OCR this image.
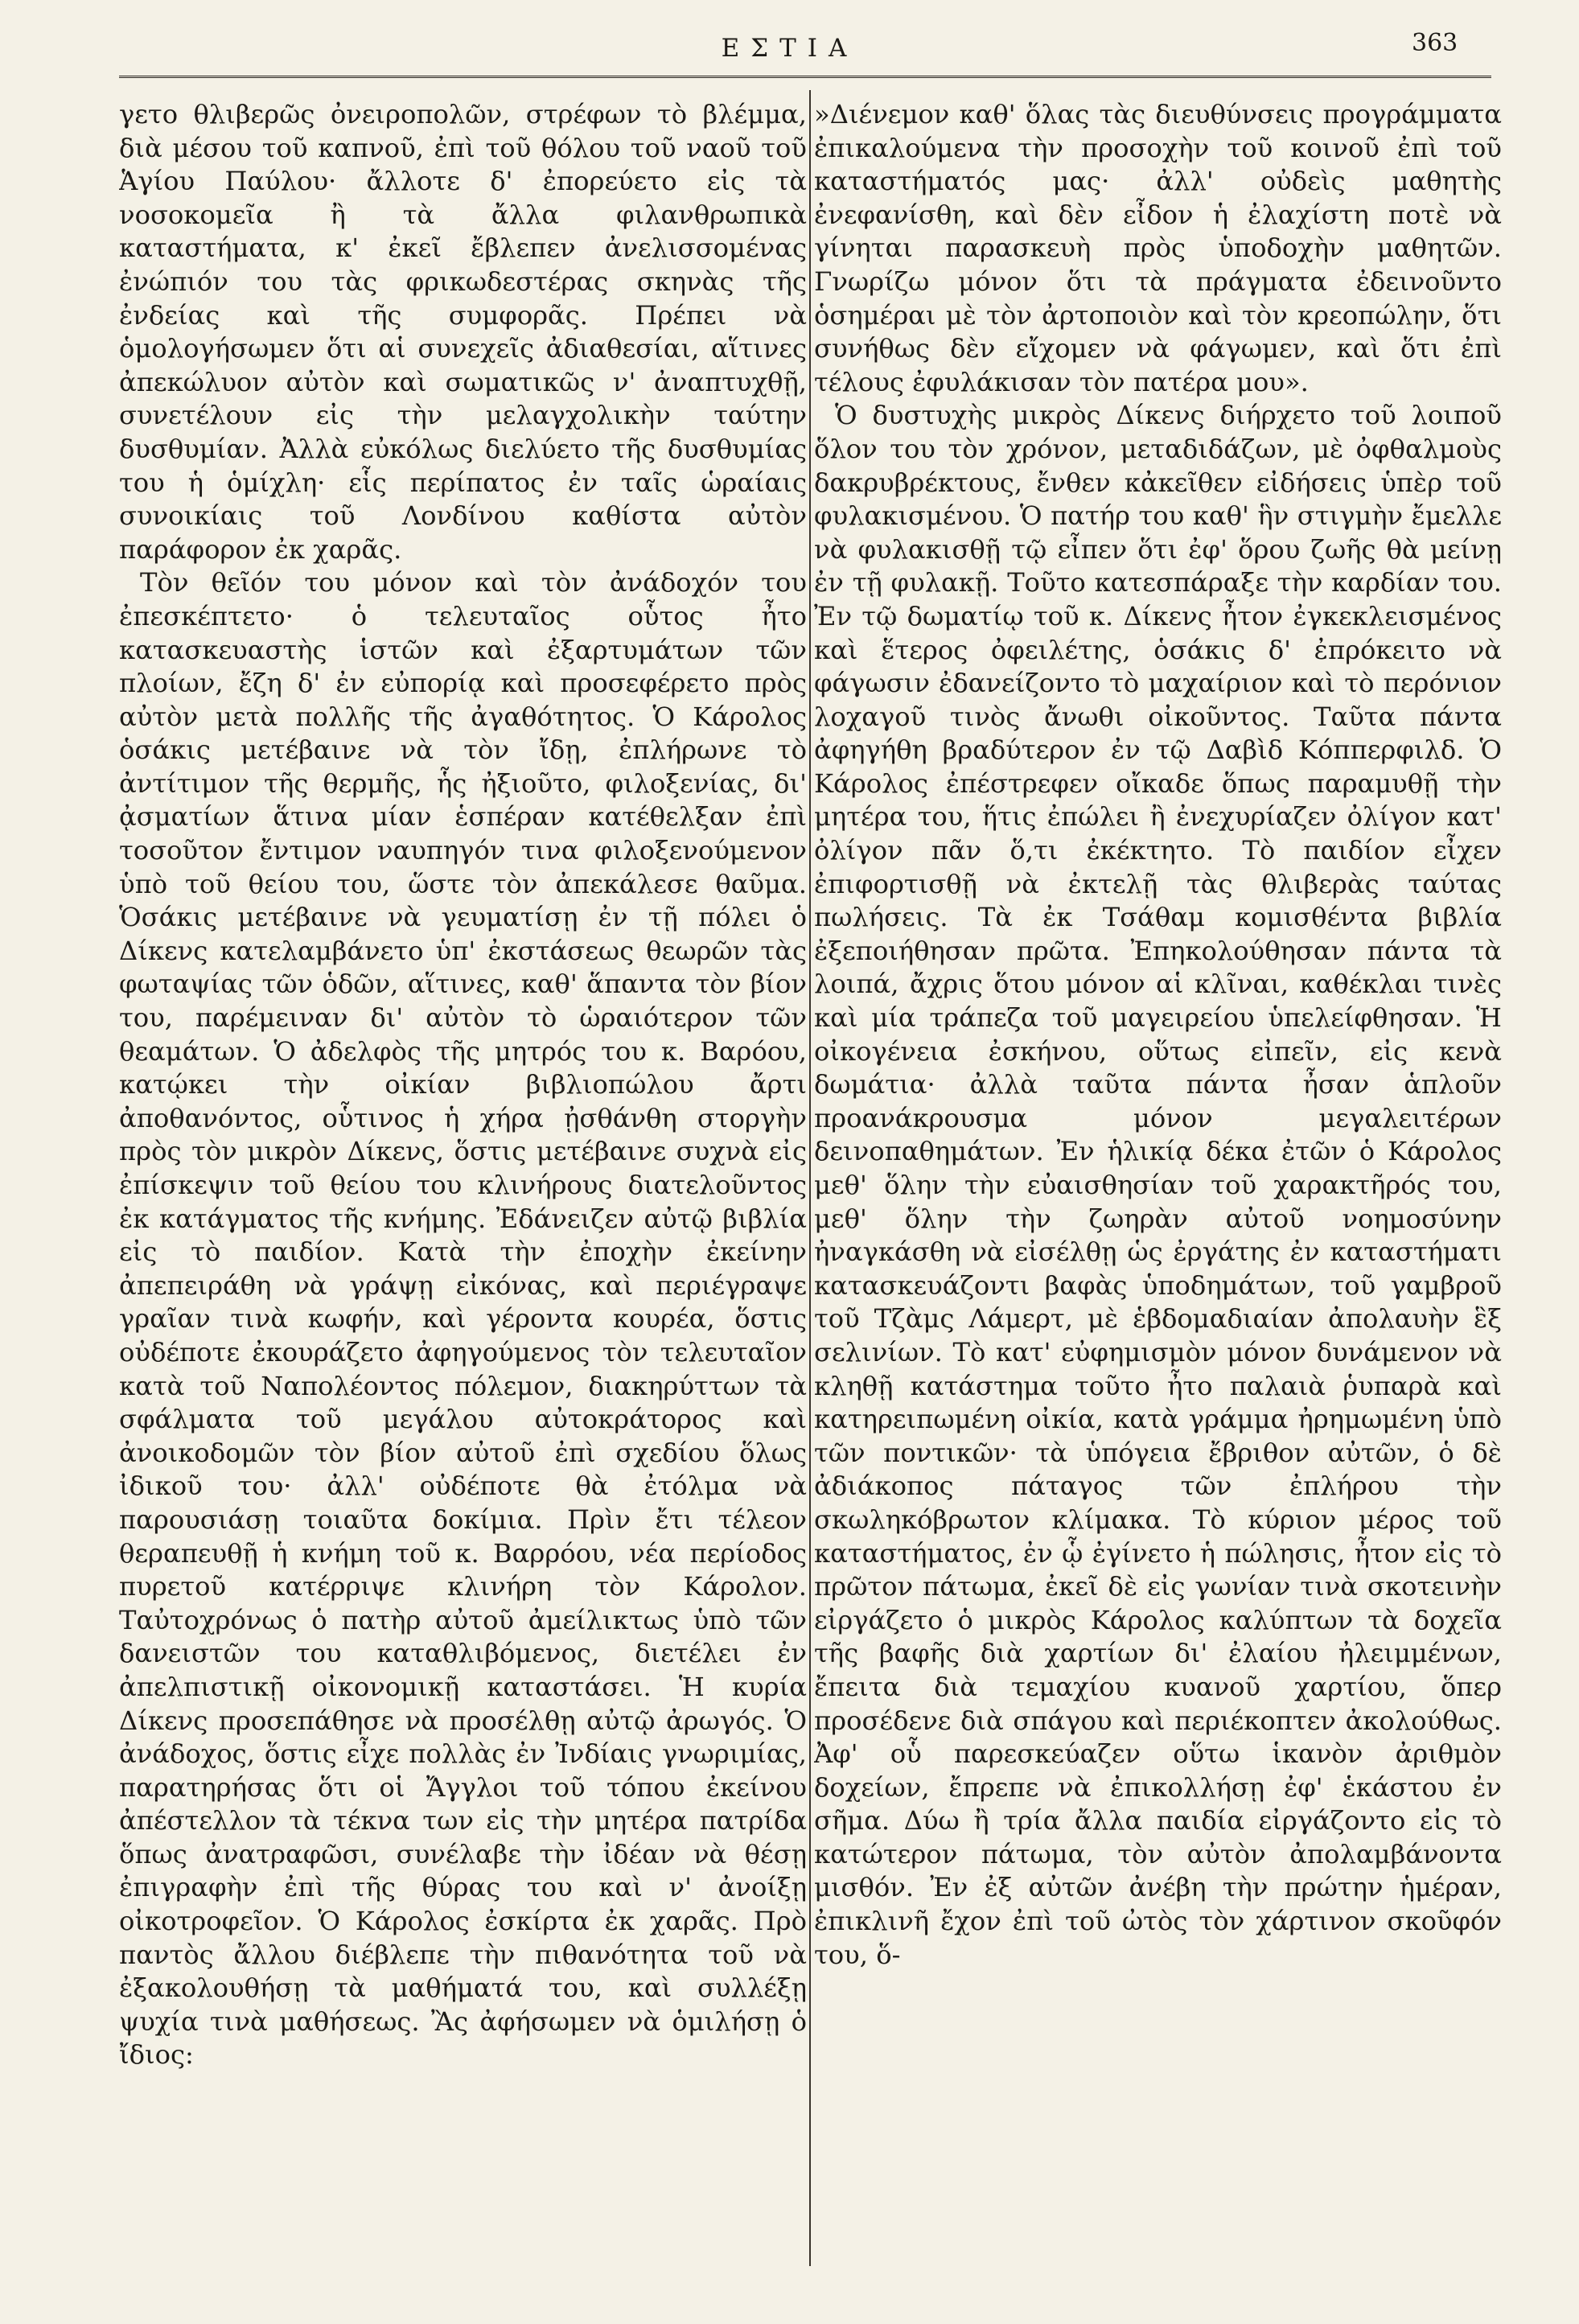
ΕΣΤΙΑ	363

γετο θλιβερῶς ὀνειροπολῶν, στρέφων τὸ βλέμμα, διὰ μέσου τοῦ καπνοῦ, ἐπὶ τοῦ θόλου τοῦ ναοῦ τοῦ Ἁγίου Παύλου· ἄλλοτε δ' ἐπορεύετο εἰς τὰ νοσοκομεῖα ἢ τὰ ἄλλα φιλανθρωπικὰ καταστήματα, κ' ἐκεῖ ἔβλεπεν ἀνελισσομένας ἐνώπιόν του τὰς φρικωδεστέρας σκηνὰς τῆς ἐνδείας καὶ τῆς συμφορᾶς. Πρέπει νὰ ὁμολογήσωμεν ὅτι αἱ συνεχεῖς ἀδιαθεσίαι, αἵτινες ἀπεκώλυον αὐτὸν καὶ σωματικῶς ν' ἀναπτυχθῇ, συνετέλουν εἰς τὴν μελαγχολικὴν ταύτην δυσθυμίαν. Ἀλλὰ εὐκόλως διελύετο τῆς δυσθυμίας του ἡ ὁμίχλη· εἷς περίπατος ἐν ταῖς ὡραίαις συνοικίαις τοῦ Λονδίνου καθίστα αὐτὸν παράφορον ἐκ χαρᾶς.

Τὸν θεῖόν του μόνον καὶ τὸν ἀνάδοχόν του ἐπεσκέπτετο· ὁ τελευταῖος οὗτος ἦτο κατασκευαστὴς ἱστῶν καὶ ἐξαρτυμάτων τῶν πλοίων, ἔζη δ' ἐν εὐπορίᾳ καὶ προσεφέρετο πρὸς αὐτὸν μετὰ πολλῆς τῆς ἀγαθότητος. Ὁ Κάρολος ὁσάκις μετέβαινε νὰ τὸν ἴδῃ, ἐπλήρωνε τὸ ἀντίτιμον τῆς θερμῆς, ἧς ἠξιοῦτο, φιλοξενίας, δι' ᾀσματίων ἅτινα μίαν ἑσπέραν κατέθελξαν ἐπὶ τοσοῦτον ἔντιμον ναυπηγόν τινα φιλοξενούμενον ὑπὸ τοῦ θείου του, ὥστε τὸν ἀπεκάλεσε θαῦμα. Ὁσάκις μετέβαινε νὰ γευματίσῃ ἐν τῇ πόλει ὁ Δίκενς κατελαμβάνετο ὑπ' ἐκστάσεως θεωρῶν τὰς φωταψίας τῶν ὁδῶν, αἵτινες, καθ' ἅπαντα τὸν βίον του, παρέμειναν δι' αὐτὸν τὸ ὡραιότερον τῶν θεαμάτων. Ὁ ἀδελφὸς τῆς μητρός του κ. Βαρόου, κατῴκει τὴν οἰκίαν βιβλιοπώλου ἄρτι ἀποθανόντος, οὗτινος ἡ χήρα ᾐσθάνθη στοργὴν πρὸς τὸν μικρὸν Δίκενς, ὅστις μετέβαινε συχνὰ εἰς ἐπίσκεψιν τοῦ θείου του κλινήρους διατελοῦντος ἐκ κατάγματος τῆς κνήμης. Ἐδάνειζεν αὐτῷ βιβλία εἰς τὸ παιδίον. Κατὰ τὴν ἐποχὴν ἐκείνην ἀπεπειράθη νὰ γράψῃ εἰκόνας, καὶ περιέγραψε γραῖαν τινὰ κωφήν, καὶ γέροντα κουρέα, ὅστις οὐδέποτε ἐκουράζετο ἀφηγούμενος τὸν τελευταῖον κατὰ τοῦ Ναπολέοντος πόλεμον, διακηρύττων τὰ σφάλματα τοῦ μεγάλου αὐτοκράτορος καὶ ἀνοικοδομῶν τὸν βίον αὐτοῦ ἐπὶ σχεδίου ὅλως ἰδικοῦ του· ἀλλ' οὐδέποτε θὰ ἐτόλμα νὰ παρουσιάσῃ τοιαῦτα δοκίμια. Πρὶν ἔτι τέλεον θεραπευθῇ ἡ κνήμη τοῦ κ. Βαρρόου, νέα περίοδος πυρετοῦ κατέρριψε κλινήρη τὸν Κάρολον. Ταὐτοχρόνως ὁ πατὴρ αὐτοῦ ἀμείλικτως ὑπὸ τῶν δανειστῶν του καταθλιβόμενος, διετέλει ἐν ἀπελπιστικῇ οἰκονομικῇ καταστάσει. Ἡ κυρία Δίκενς προσεπάθησε νὰ προσέλθῃ αὐτῷ ἀρωγός. Ὁ ἀνάδοχος, ὅστις εἶχε πολλὰς ἐν Ἰνδίαις γνωριμίας, παρατηρήσας ὅτι οἱ Ἄγγλοι τοῦ τόπου ἐκείνου ἀπέστελλον τὰ τέκνα των εἰς τὴν μητέρα πατρίδα ὅπως ἀνατραφῶσι, συνέλαβε τὴν ἰδέαν νὰ θέσῃ ἐπιγραφὴν ἐπὶ τῆς θύρας του καὶ ν' ἀνοίξῃ οἰκοτροφεῖον. Ὁ Κάρολος ἐσκίρτα ἐκ χαρᾶς. Πρὸ παντὸς ἄλλου διέβλεπε τὴν πιθανότητα τοῦ νὰ ἐξακολουθήσῃ τὰ μαθήματά του, καὶ συλλέξῃ ψυχία τινὰ μαθήσεως. Ἂς ἀφήσωμεν νὰ ὁμιλήσῃ ὁ ἴδιος:

»Διένεμον καθ' ὅλας τὰς διευθύνσεις προγράμματα ἐπικαλούμενα τὴν προσοχὴν τοῦ κοινοῦ ἐπὶ τοῦ καταστήματός μας· ἀλλ' οὐδεὶς μαθητὴς ἐνεφανίσθη, καὶ δὲν εἶδον ἡ ἐλαχίστη ποτὲ νὰ γίνηται παρασκευὴ πρὸς ὑποδοχὴν μαθητῶν. Γνωρίζω μόνον ὅτι τὰ πράγματα ἐδεινοῦντο ὁσημέραι μὲ τὸν ἀρτοποιὸν καὶ τὸν κρεοπώλην, ὅτι συνήθως δὲν εἴχομεν νὰ φάγωμεν, καὶ ὅτι ἐπὶ τέλους ἐφυλάκισαν τὸν πατέρα μου».

Ὁ δυστυχὴς μικρὸς Δίκενς διήρχετο τοῦ λοιποῦ ὅλον του τὸν χρόνον, μεταδιδάζων, μὲ ὀφθαλμοὺς δακρυβρέκτους, ἔνθεν κἀκεῖθεν εἰδήσεις ὑπὲρ τοῦ φυλακισμένου. Ὁ πατήρ του καθ' ἣν στιγμὴν ἔμελλε νὰ φυλακισθῇ τῷ εἶπεν ὅτι ἐφ' ὅρου ζωῆς θὰ μείνῃ ἐν τῇ φυλακῇ. Τοῦτο κατεσπάραξε τὴν καρδίαν του. Ἐν τῷ δωματίῳ τοῦ κ. Δίκενς ἦτον ἐγκεκλεισμένος καὶ ἕτερος ὀφειλέτης, ὁσάκις δ' ἐπρόκειτο νὰ φάγωσιν ἐδανείζοντο τὸ μαχαίριον καὶ τὸ περόνιον λοχαγοῦ τινὸς ἄνωθι οἰκοῦντος. Ταῦτα πάντα ἀφηγήθη βραδύτερον ἐν τῷ Δαβὶδ Κόππερφιλδ. Ὁ Κάρολος ἐπέστρεφεν οἴκαδε ὅπως παραμυθῇ τὴν μητέρα του, ἥτις ἐπώλει ἢ ἐνεχυρίαζεν ὀλίγον κατ' ὀλίγον πᾶν ὅ,τι ἐκέκτητο. Τὸ παιδίον εἶχεν ἐπιφορτισθῇ νὰ ἐκτελῇ τὰς θλιβερὰς ταύτας πωλήσεις. Τὰ ἐκ Τσάθαμ κομισθέντα βιβλία ἐξεποιήθησαν πρῶτα. Ἐπηκολούθησαν πάντα τὰ λοιπά, ἄχρις ὅτου μόνον αἱ κλῖναι, καθέκλαι τινὲς καὶ μία τράπεζα τοῦ μαγειρείου ὑπελείφθησαν. Ἡ οἰκογένεια ἐσκήνου, οὕτως εἰπεῖν, εἰς κενὰ δωμάτια· ἀλλὰ ταῦτα πάντα ἦσαν ἁπλοῦν προανάκρουσμα μόνον μεγαλειτέρων δεινοπαθημάτων. Ἐν ἡλικίᾳ δέκα ἐτῶν ὁ Κάρολος μεθ' ὅλην τὴν εὐαισθησίαν τοῦ χαρακτῆρός του, μεθ' ὅλην τὴν ζωηρὰν αὐτοῦ νοημοσύνην ἠναγκάσθη νὰ εἰσέλθῃ ὡς ἐργάτης ἐν καταστήματι κατασκευάζοντι βαφὰς ὑποδημάτων, τοῦ γαμβροῦ τοῦ Τζὰμς Λάμερτ, μὲ ἑβδομαδιαίαν ἀπολαυὴν ἓξ σελινίων. Τὸ κατ' εὐφημισμὸν μόνον δυνάμενον νὰ κληθῇ κατάστημα τοῦτο ἦτο παλαιὰ ῥυπαρὰ καὶ κατηρειπωμένη οἰκία, κατὰ γράμμα ἠρημωμένη ὑπὸ τῶν ποντικῶν· τὰ ὑπόγεια ἔβριθον αὐτῶν, ὁ δὲ ἀδιάκοπος πάταγος τῶν ἐπλήρου τὴν σκωληκόβρωτον κλίμακα. Τὸ κύριον μέρος τοῦ καταστήματος, ἐν ᾧ ἐγίνετο ἡ πώλησις, ἦτον εἰς τὸ πρῶτον πάτωμα, ἐκεῖ δὲ εἰς γωνίαν τινὰ σκοτεινὴν εἰργάζετο ὁ μικρὸς Κάρολος καλύπτων τὰ δοχεῖα τῆς βαφῆς διὰ χαρτίων δι' ἐλαίου ἠλειμμένων, ἔπειτα διὰ τεμαχίου κυανοῦ χαρτίου, ὅπερ προσέδενε διὰ σπάγου καὶ περιέκοπτεν ἀκολούθως. Ἀφ' οὗ παρεσκεύαζεν οὕτω ἱκανὸν ἀριθμὸν δοχείων, ἔπρεπε νὰ ἐπικολλήσῃ ἐφ' ἑκάστου ἐν σῆμα. Δύω ἢ τρία ἄλλα παιδία εἰργάζοντο εἰς τὸ κατώτερον πάτωμα, τὸν αὐτὸν ἀπολαμβάνοντα μισθόν. Ἐν ἐξ αὐτῶν ἀνέβη τὴν πρώτην ἡμέραν, ἐπικλινῆ ἔχον ἐπὶ τοῦ ὠτὸς τὸν χάρτινον σκοῦφόν του, ὅ-
